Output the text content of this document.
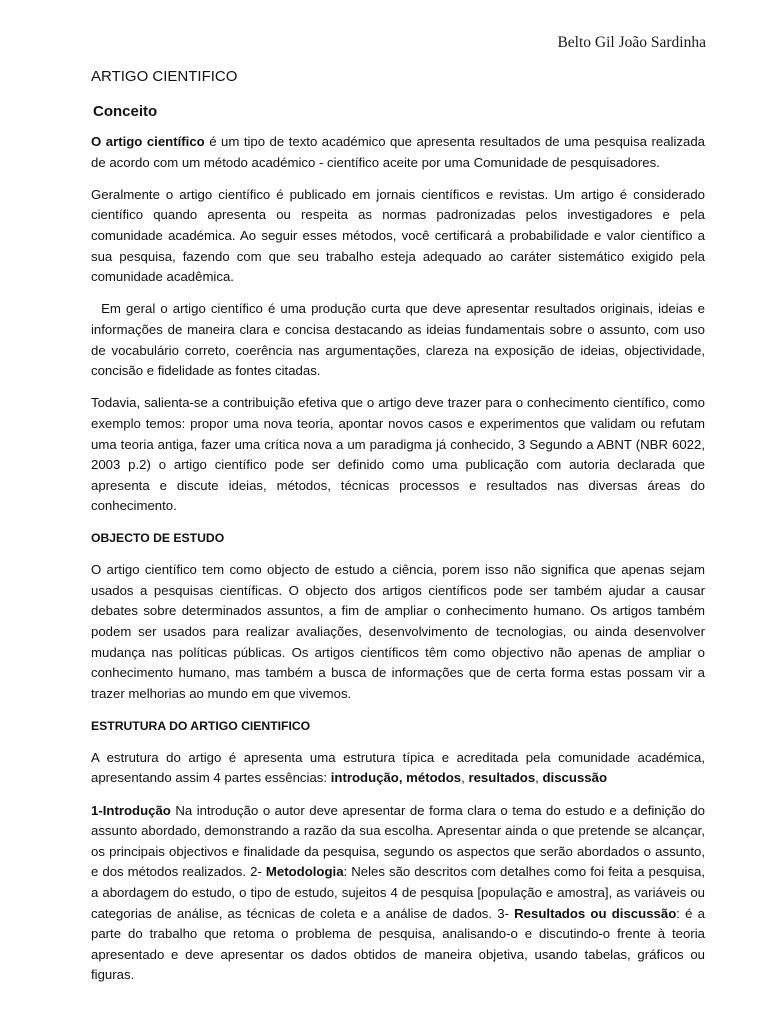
Belto Gil João Sardinha
ARTIGO CIENTIFICO
Conceito

O artigo científico é um tipo de texto académico que apresenta resultados de uma pesquisa realizada de acordo com um método académico - científico aceite por uma Comunidade de pesquisadores.

Geralmente o artigo científico é publicado em jornais científicos e revistas. Um artigo é considerado científico quando apresenta ou respeita as normas padronizadas pelos investigadores e pela comunidade académica. Ao seguir esses métodos, você certificará a probabilidade e valor científico a sua pesquisa, fazendo com que seu trabalho esteja adequado ao caráter sistemático exigido pela comunidade acadêmica.

Em geral o artigo científico é uma produção curta que deve apresentar resultados originais, ideias e informações de maneira clara e concisa destacando as ideias fundamentais sobre o assunto, com uso de vocabulário correto, coerência nas argumentações, clareza na exposição de ideias, objectividade, concisão e fidelidade as fontes citadas.

Todavia, salienta-se a contribuição efetiva que o artigo deve trazer para o conhecimento científico, como exemplo temos: propor uma nova teoria, apontar novos casos e experimentos que validam ou refutam uma teoria antiga, fazer uma crítica nova a um paradigma já conhecido, 3 Segundo a ABNT (NBR 6022, 2003 p.2) o artigo científico pode ser definido como uma publicação com autoria declarada que apresenta e discute ideias, métodos, técnicas processos e resultados nas diversas áreas do conhecimento.

OBJECTO DE ESTUDO

O artigo científico tem como objecto de estudo a ciência, porem isso não significa que apenas sejam usados a pesquisas científicas. O objecto dos artigos científicos pode ser também ajudar a causar debates sobre determinados assuntos, a fim de ampliar o conhecimento humano. Os artigos também podem ser usados para realizar avaliações, desenvolvimento de tecnologias, ou ainda desenvolver mudança nas políticas públicas. Os artigos científicos têm como objectivo não apenas de ampliar o conhecimento humano, mas também a busca de informações que de certa forma estas possam vir a trazer melhorias ao mundo em que vivemos.

ESTRUTURA DO ARTIGO CIENTIFICO

A estrutura do artigo é apresenta uma estrutura típica e acreditada pela comunidade académica, apresentando assim 4 partes essências: introdução, métodos, resultados, discussão

1-Introdução Na introdução o autor deve apresentar de forma clara o tema do estudo e a definição do assunto abordado, demonstrando a razão da sua escolha. Apresentar ainda o que pretende se alcançar, os principais objectivos e finalidade da pesquisa, segundo os aspectos que serão abordados o assunto, e dos métodos realizados. 2- Metodologia: Neles são descritos com detalhes como foi feita a pesquisa, a abordagem do estudo, o tipo de estudo, sujeitos 4 de pesquisa [população e amostra], as variáveis ou categorias de análise, as técnicas de coleta e a análise de dados. 3- Resultados ou discussão: é a parte do trabalho que retoma o problema de pesquisa, analisando-o e discutindo-o frente à teoria apresentado e deve apresentar os dados obtidos de maneira objetiva, usando tabelas, gráficos ou figuras.
